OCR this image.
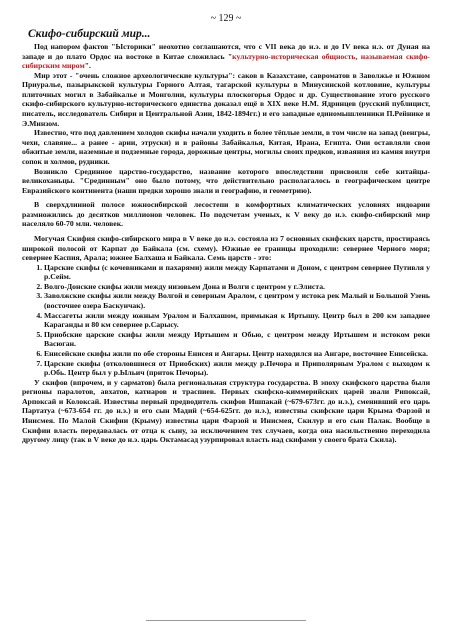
~ 129 ~
Скифо-сибирский мир...

Под напором фактов "Ысторики" неохотно соглашаются, что с VII века до н.э. и до IV века н.э. от Дуная на западе и до плато Ордос на востоке в Китае сложилась "культурно-историческая общность, называемая скифо-сибирским миром".

Мир этот - "очень сложное археологические культуры": саков в Казахстане, савроматов в Заволжье и Южном Приуралье, пазырыкской культуры Горного Алтая, тагарской культуры в Минусинской котловине, культуры плиточных могил в Забайкалье и Монголии, культуры плоскогорья Ордос и др. Существование этого русского скифо-сибирского культурно-исторического единства доказал ещё в XIX веке Н.М. Ядринцев (русский публицист, писатель, исследователь Сибири и Центральной Азии, 1842-1894гг.) и его западные единомышленники П.Рейнике и Э.Минзом.

Известно, что под давлением холодов скифы начали уходить в более тёплые земли, в том числе на запад (венгры, чехи, славяне... а ранее - арии, этруски) и в районы Забайкалья, Китая, Ирана, Египта. Они оставляли свои обжитые земли, наземные и подземные города, дорожные центры, могилы своих предков, изваяния из камня внутри сопок и холмов, рудники.

Возникло Срединное царство-государство, название которого впоследствии присвоили себе китайцы-великоханьцы. "Срединным" оно было потому, что действительно располагалось в географическом центре Евразийского континента (наши предки хорошо знали и географию, и геометрию).

В сверхдлинной полосе южносибирской лесостепи в комфортных климатических условиях индоарии размножились до десятков миллионов человек. По подсчетам ученых, к V веку до н.э. скифо-сибирский мир населяло 60-70 млн. человек.

Могучая Скифия скифо-сибирского мира в V веке до н.э. состояла из 7 основных скифских царств, простираясь широкой полосой от Карпат до Байкала (см. схему). Южные ее границы проходили: севернее Черного моря; севернее Каспия, Арала; южнее Балхаша и Байкала. Семь царств - это:

1. Царские скифы (с кочевниками и пахарями) жили между Карпатами и Доном, с центром севернее Путивля у р.Сейм.
2. Волго-Донские скифы жили между низовьем Дона и Волги с центром у г.Элиста.
3. Заволжские скифы жили между Волгой и северным Аралом, с центром у истока рек Малый и Большой Узень (восточнее озера Баскунчак).
4. Массагеты жили между южным Уралом и Балхашом, примыкая к Иртышу. Центр был в 200 км западнее Караганды и 80 км севернее р.Сарысу.
5. Приобские царские скифы жили между Иртышем и Обью, с центром между Иртышем и истоком реки Васюган.
6. Енисейские скифы жили по обе стороны Енисея и Ангары. Центр находился на Ангаре, восточнее Енисейска.
7. Царские скифы (отколовшиеся от Приобских) жили между р.Печора и Приполярным Уралом с выходом к р.Обь. Центр был у р.Ыльич (приток Печоры).

У скифов (впрочем, и у сарматов) была региональная структура государства. В эпоху скифского царства были регионы паралотов, авхатов, катиаров и траспиев. Первых скифско-киммерийских царей звали Рипоксай, Арпоксай и Колоксай. Известны первый предводитель скифов Ишпакай (~679-673гг. до н.э.), сменивший его царь Партатуа (~673-654 гг. до н.э.) и его сын Мадий (~654-625гг. до н.э.), известны скифские цари Крыма Фарзой и Инисмея. По Малой Скифии (Крыму) известны цари Фарзой и Инисмея, Скилур и его сын Палак. Вообще в Скифии власть передавалась от отца к сыну, за исключением тех случаев, когда она насильственно переходила другому лицу (так в V веке до н.э. царь Октамасад узурпировал власть над скифами у своего брата Скила).
